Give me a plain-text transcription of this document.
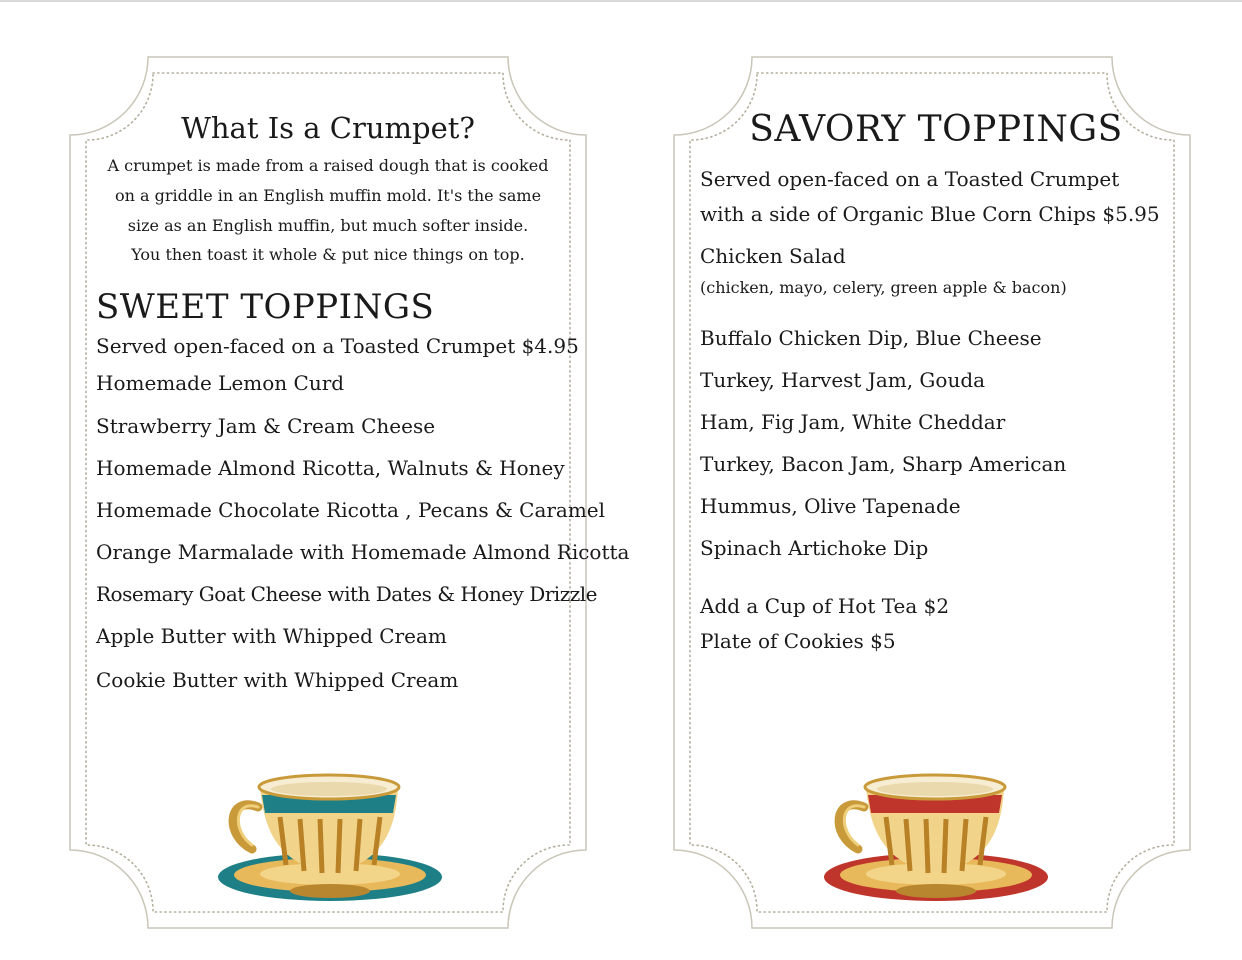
What Is a Crumpet?
A crumpet is made from a raised dough that is cooked
on a griddle in an English muffin mold. It's the same
size as an English muffin, but much softer inside.
You then toast it whole & put nice things on top.
SWEET TOPPINGS
Served open-faced on a Toasted Crumpet $4.95
Homemade Lemon Curd
Strawberry Jam & Cream Cheese
Homemade Almond Ricotta, Walnuts & Honey
Homemade Chocolate Ricotta , Pecans & Caramel
Orange Marmalade with Homemade Almond Ricotta
Rosemary Goat Cheese with Dates & Honey Drizzle
Apple Butter with Whipped Cream
Cookie Butter with Whipped Cream
SAVORY TOPPINGS
Served open-faced on a Toasted Crumpet
with a side of Organic Blue Corn Chips $5.95
Chicken Salad
(chicken, mayo, celery, green apple & bacon)
Buffalo Chicken Dip, Blue Cheese
Turkey, Harvest Jam, Gouda
Ham, Fig Jam, White Cheddar
Turkey, Bacon Jam, Sharp American
Hummus, Olive Tapenade
Spinach Artichoke Dip
Add a Cup of Hot Tea $2
Plate of Cookies $5
